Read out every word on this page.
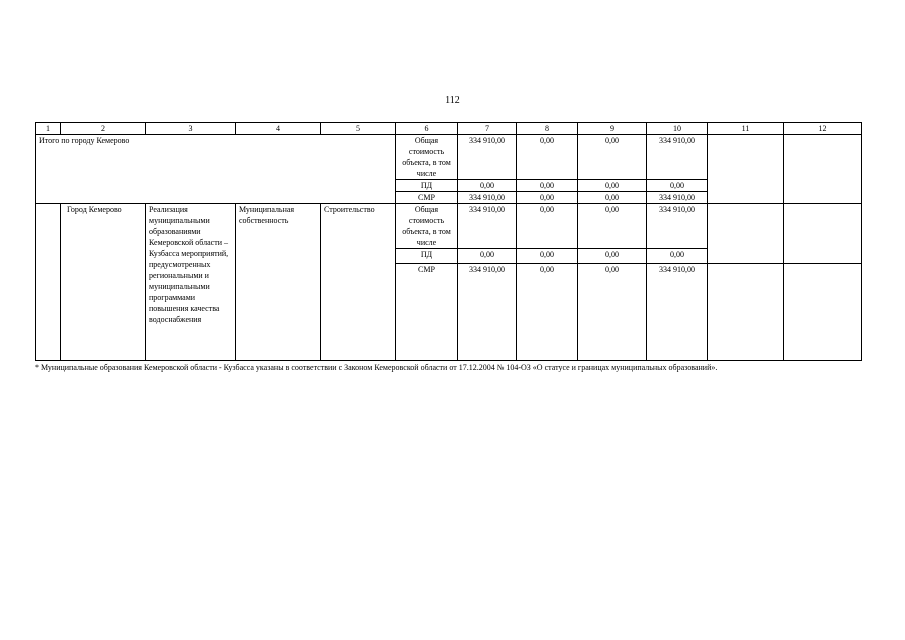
112
1	2	3	4	5	6	7	8	9	10	11	12
Итого по городу Кемерово					Общая стоимость объекта, в том числе	334 910,00	0,00	0,00	334 910,00		
					ПД	0,00	0,00	0,00	0,00		
					СМР	334 910,00	0,00	0,00	334 910,00		
	Город Кемерово	Реализация муниципальными образованиями Кемеровской области – Кузбасса мероприятий, предусмотренных региональными и муниципальными программами повышения качества водоснабжения	Муниципальная собственность	Строительство	Общая стоимость объекта, в том числе	334 910,00	0,00	0,00	334 910,00		
					ПД	0,00	0,00	0,00	0,00		
					СМР	334 910,00	0,00	0,00	334 910,00		
* Муниципальные образования Кемеровской области - Кузбасса указаны в соответствии с Законом Кемеровской области от 17.12.2004 № 104-ОЗ «О статусе и границах муниципальных образований».
